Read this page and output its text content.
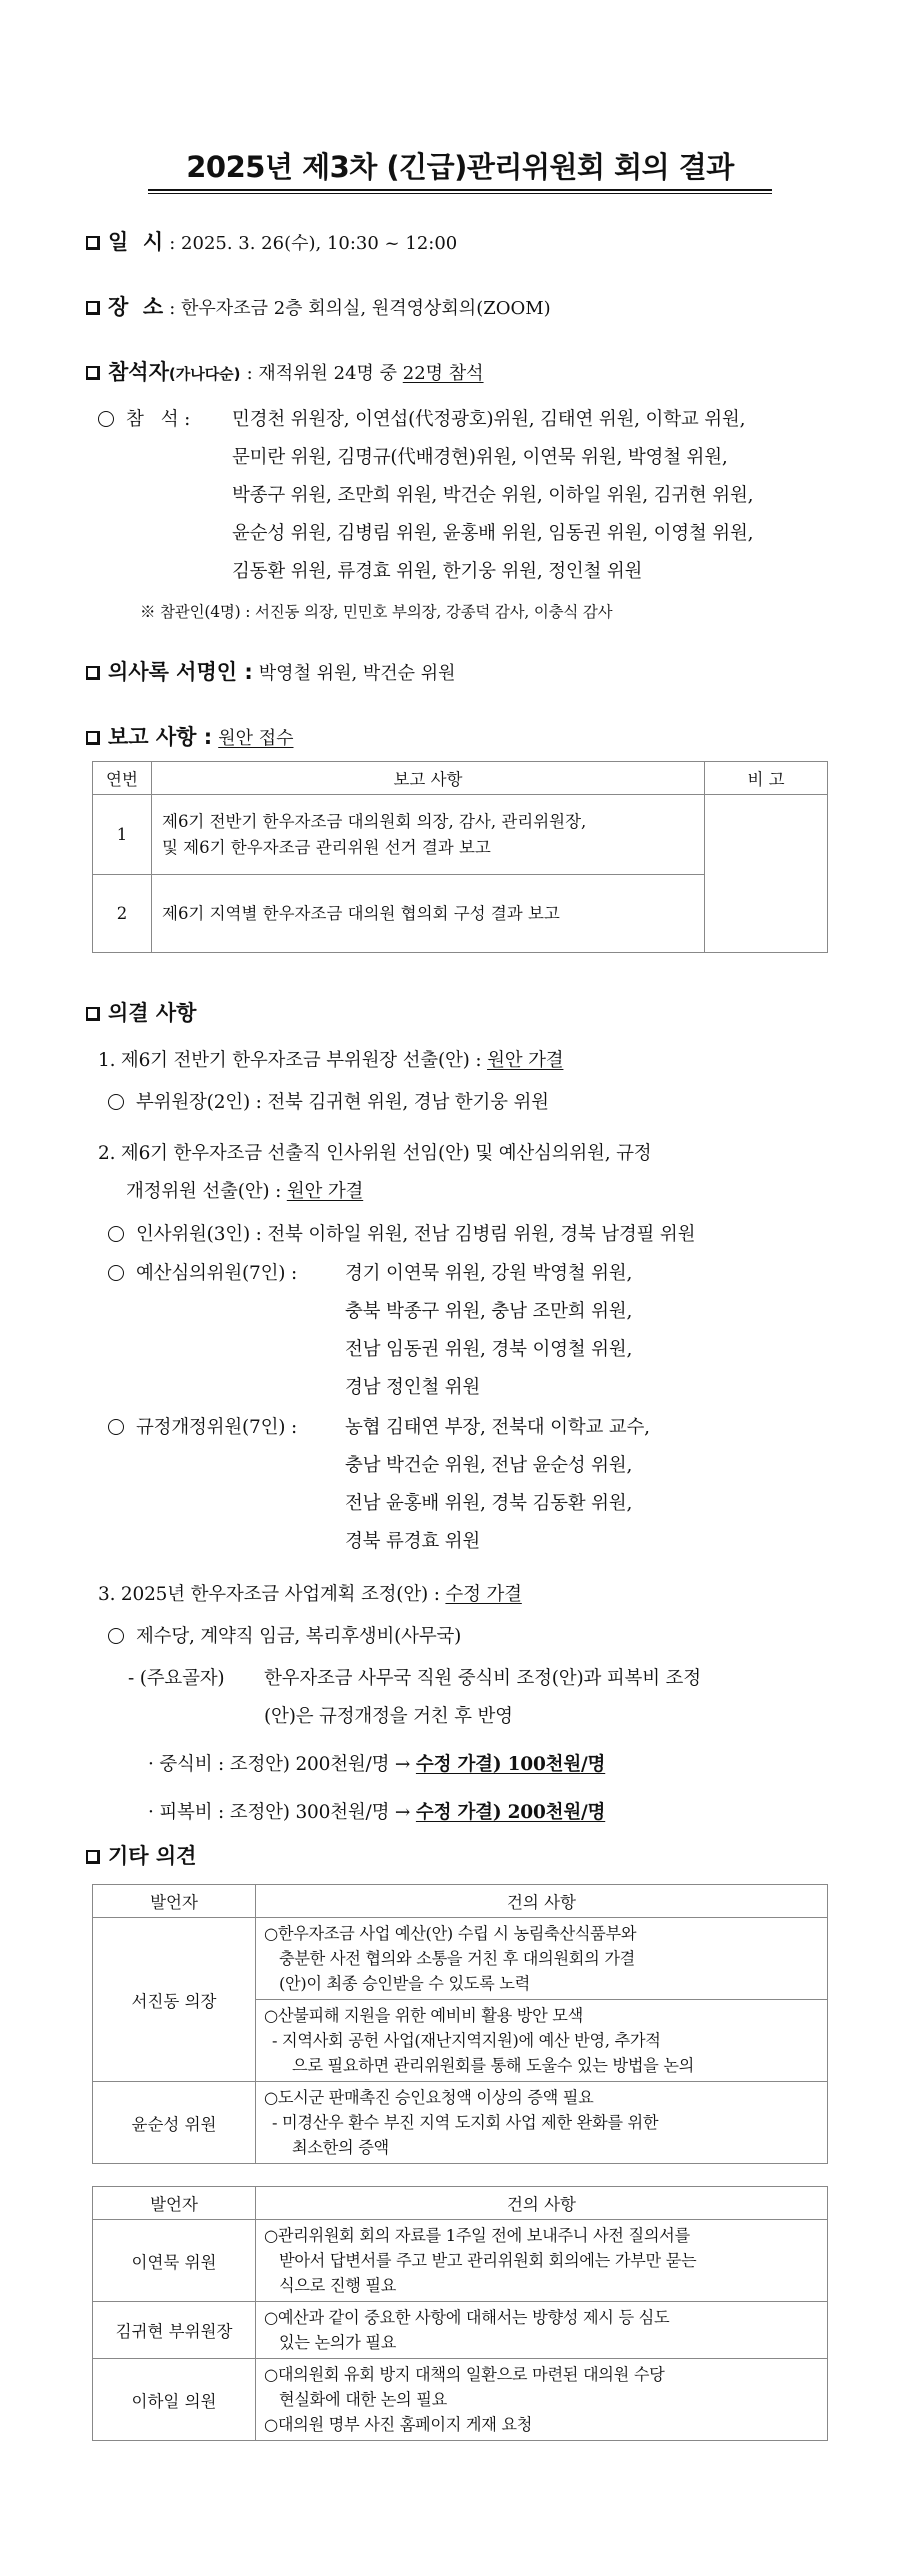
2025년 제3차 (긴급)관리위원회 회의 결과
일  시 : 2025. 3. 26(수), 10:30 ~ 12:00
장  소 : 한우자조금 2층 회의실, 원격영상회의(ZOOM)
참석자(가나다순) : 재적위원 24명 중 22명 참석
참   석 : 민경천 위원장, 이연섭(代정광호)위원, 김태연 위원, 이학교 위원,
문미란 위원, 김명규(代배경현)위원, 이연묵 위원, 박영철 위원,
박종구 위원, 조만희 위원, 박건순 위원, 이하일 위원, 김귀현 위원,
윤순성 위원, 김병림 위원, 윤홍배 위원, 임동권 위원, 이영철 위원,
김동환 위원, 류경효 위원, 한기웅 위원, 정인철 위원
※ 참관인(4명) : 서진동 의장, 민민호 부의장, 강종덕 감사, 이충식 감사
의사록 서명인 : 박영철 위원, 박건순 위원
보고 사항 : 원안 접수
연번	보고 사항	비 고
1	제6기 전반기 한우자조금 대의원회 의장, 감사, 관리위원장,
및 제6기 한우자조금 관리위원 선거 결과 보고	

2	제6기 지역별 한우자조금 대의원 협의회 구성 결과 보고	
의결 사항
1. 제6기 전반기 한우자조금 부위원장 선출(안) : 원안 가결
부위원장(2인) : 전북 김귀현 위원, 경남 한기웅 위원
2. 제6기 한우자조금 선출직 인사위원 선임(안) 및 예산심의위원, 규정
개정위원 선출(안) : 원안 가결
인사위원(3인) : 전북 이하일 위원, 전남 김병림 위원, 경북 남경필 위원
예산심의위원(7인) :	경기 이연묵 위원, 강원 박영철 위원,
충북 박종구 위원, 충남 조만희 위원,
전남 임동권 위원, 경북 이영철 위원,
경남 정인철 위원
규정개정위원(7인) :	농협 김태연 부장, 전북대 이학교 교수,
충남 박건순 위원, 전남 윤순성 위원,
전남 윤홍배 위원, 경북 김동환 위원,
경북 류경효 위원
3. 2025년 한우자조금 사업계획 조정(안) : 수정 가결
제수당, 계약직 임금, 복리후생비(사무국)
- (주요골자) 한우자조금 사무국 직원 중식비 조정(안)과 피복비 조정
(안)은 규정개정을 거친 후 반영
· 중식비 : 조정안) 200천원/명 → 수정 가결) 100천원/명
· 피복비 : 조정안) 300천원/명 → 수정 가결) 200천원/명
기타 의견
발언자	건의 사항
서진동 의장	○한우자조금 사업 예산(안) 수립 시 농림축산식품부와
충분한 사전 협의와 소통을 거친 후 대의원회의 가결
(안)이 최종 승인받을 수 있도록 노력

	○산불피해 지원을 위한 예비비 활용 방안 모색
- 지역사회 공헌 사업(재난지역지원)에 예산 반영, 추가적
으로 필요하면 관리위원회를 통해 도울수 있는 방법을 논의

윤순성 위원	○도시군 판매촉진 승인요청액 이상의 증액 필요
- 미경산우 환수 부진 지역 도지회 사업 제한 완화를 위한
최소한의 증액
발언자	건의 사항
이연묵 위원	○관리위원회 회의 자료를 1주일 전에 보내주니 사전 질의서를
받아서 답변서를 주고 받고 관리위원회 회의에는 가부만 묻는
식으로 진행 필요

김귀현 부위원장	○예산과 같이 중요한 사항에 대해서는 방향성 제시 등 심도
있는 논의가 필요

이하일 의원	○대의원회 유회 방지 대책의 일환으로 마련된 대의원 수당
현실화에 대한 논의 필요
○대의원 명부 사진 홈페이지 게재 요청
